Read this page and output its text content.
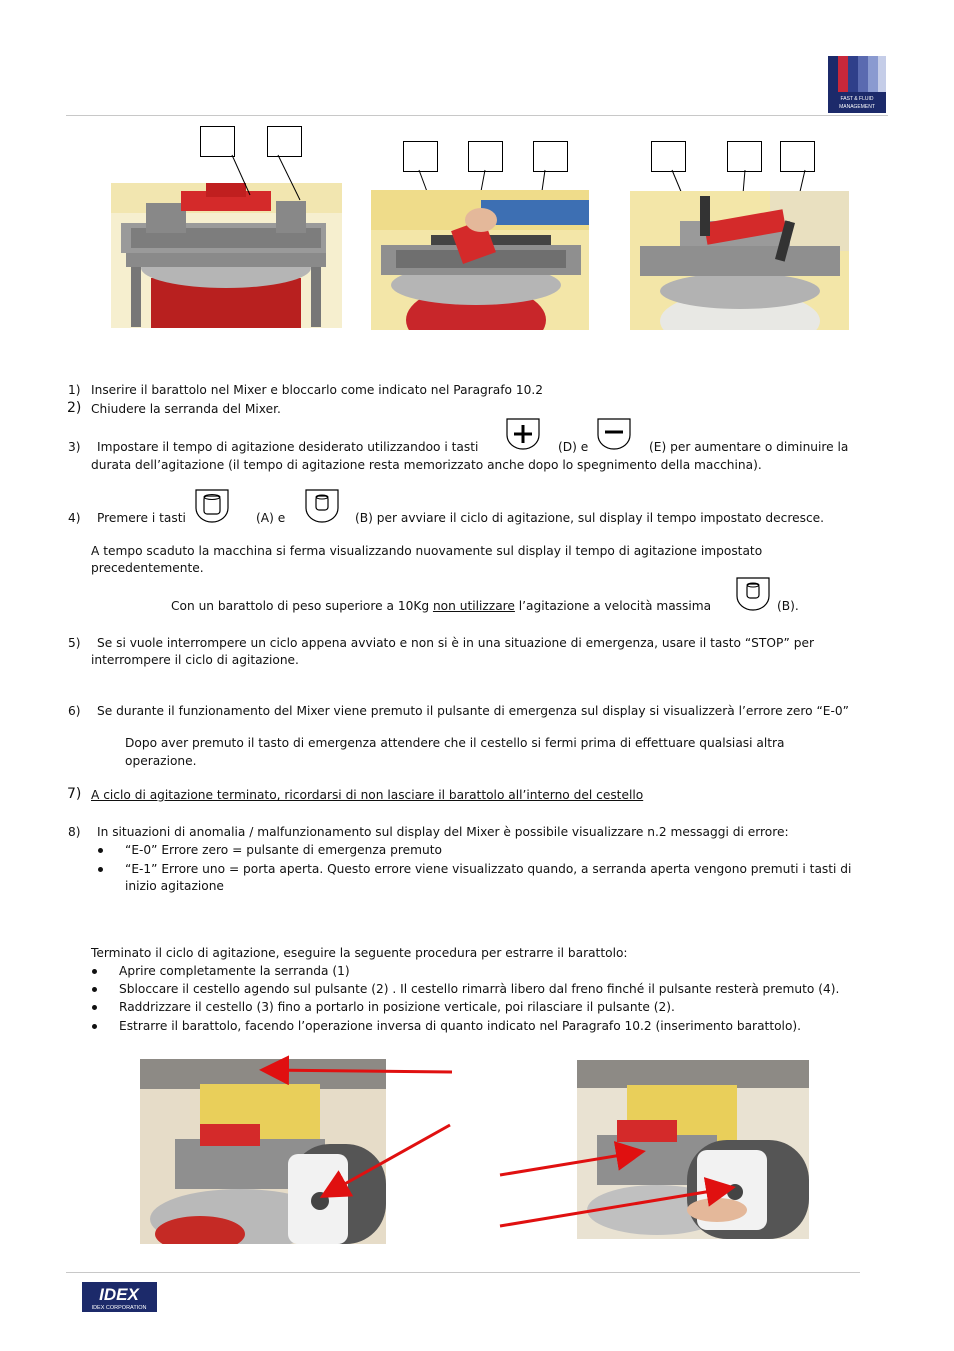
FAST & FLUID
MANAGEMENT
1) Inserire il barattolo nel Mixer e bloccarlo come indicato nel Paragrafo 10.2
2) Chiudere la serranda del Mixer.
3) Impostare il tempo di agitazione desiderato utilizzandoo i tasti	(D) e	(E) per aumentare o diminuire la
durata dell’agitazione (il tempo di agitazione resta memorizzato anche dopo lo spegnimento della macchina).
4) Premere i tasti	(A) e	(B) per avviare il ciclo di agitazione, sul display il tempo impostato decresce.
A tempo scaduto la macchina si ferma visualizzando nuovamente sul display il tempo di agitazione impostato
precedentemente.
Con un barattolo di peso superiore a 10Kg non utilizzare l’agitazione a velocità massima	(B).
5) Se si vuole interrompere un ciclo appena avviato e non si è in una situazione di emergenza, usare il tasto “STOP” per
interrompere il ciclo di agitazione.
6) Se durante il funzionamento del Mixer viene premuto il pulsante di emergenza sul display si visualizzerà l’errore zero “E-0”
Dopo aver premuto il tasto di emergenza attendere che il cestello si fermi prima di effettuare qualsiasi altra
operazione.
7) A ciclo di agitazione terminato, ricordarsi di non lasciare il barattolo all’interno del cestello
8) In situazioni di anomalia / malfunzionamento sul display del Mixer è possibile visualizzare n.2 messaggi di errore:
“E-0” Errore zero = pulsante di emergenza premuto
“E-1” Errore uno = porta aperta. Questo errore viene visualizzato quando, a serranda aperta vengono premuti i tasti di
inizio agitazione
Terminato il ciclo di agitazione, eseguire la seguente procedura per estrarre il barattolo:
Aprire completamente la serranda (1)
Sbloccare il cestello agendo sul pulsante (2) . Il cestello rimarrà libero dal freno finché il pulsante resterà premuto (4).
Raddrizzare il cestello (3) fino a portarlo in posizione verticale, poi rilasciare il pulsante (2).
Estrarre il barattolo, facendo l’operazione inversa di quanto indicato nel Paragrafo 10.2 (inserimento barattolo).
IDEX
IDEX CORPORATION
